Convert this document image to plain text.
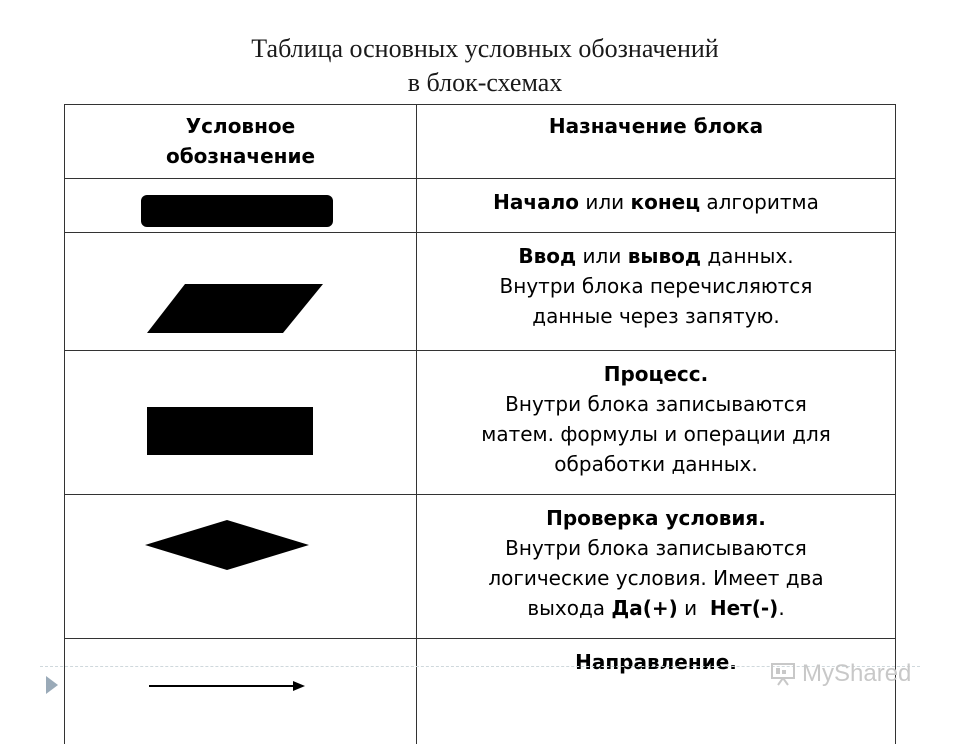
Таблица основных условных обозначений
в блок-схемах
Условное обозначение
Назначение блока
Начало или конец алгоритма
Ввод или вывод данных.
Внутри блока перечисляются
данные через запятую.
Процесс.
Внутри блока записываются
матем. формулы и операции для
обработки данных.
Проверка условия.
Внутри блока записываются
логические условия. Имеет два
выхода Да(+) и  Нет(-).
Направление.	MyShared
